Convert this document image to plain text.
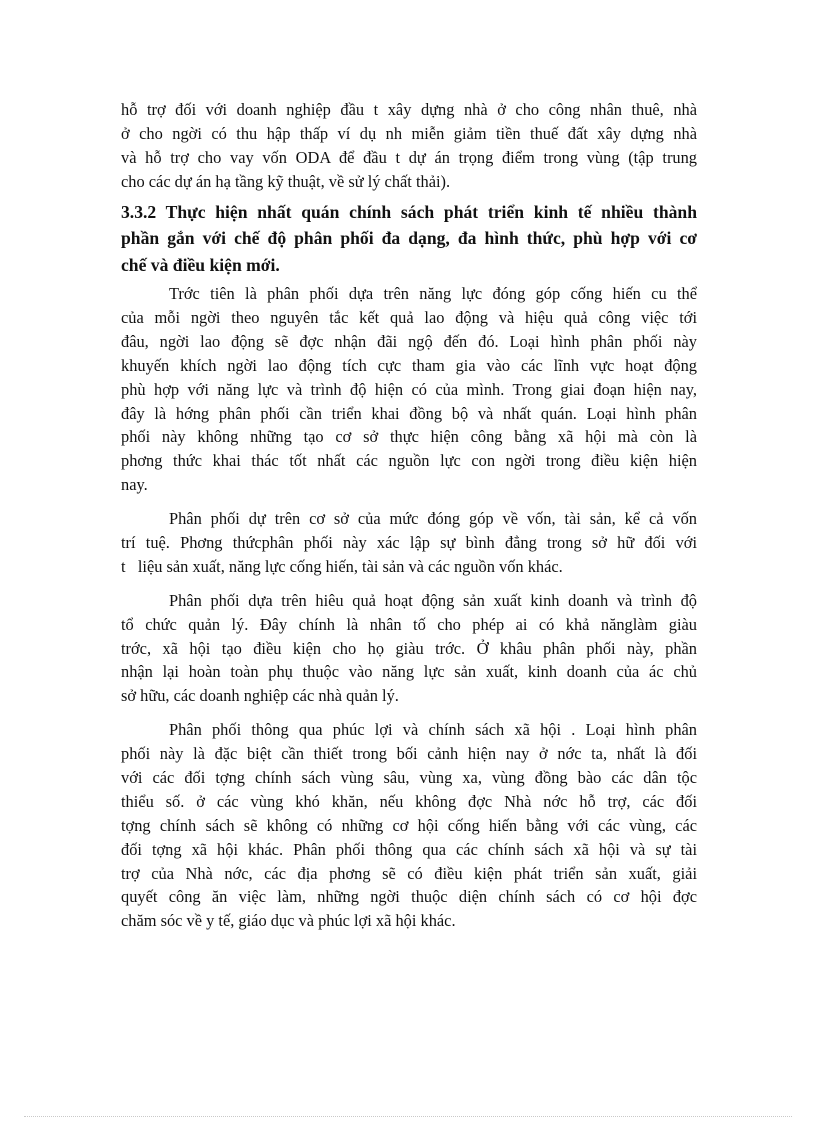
hỗ trợ đối với doanh nghiệp đầu t xây dựng nhà ở cho công nhân thuê, nhà
ở cho ngời có thu hập thấp ví dụ nh miễn giảm tiền thuế đất xây dựng nhà
và hỗ trợ cho vay vốn ODA để đầu t dự án trọng điểm trong vùng (tập trung
cho các dự án hạ tầng kỹ thuật, về sử lý chất thải).
3.3.2 Thực hiện nhất quán chính sách phát triển kinh tế nhiều thành
phần gắn với chế độ phân phối đa dạng, đa hình thức, phù hợp với cơ
chế và điều kiện mới.
Trớc tiên là phân phối dựa trên năng lực đóng góp cống hiến cu thể
của mỗi ngời theo nguyên tắc kết quả lao động và hiệu quả công việc tới
đâu, ngời lao động sẽ đợc nhận đãi ngộ đến đó. Loại hình phân phối này
khuyến khích ngời lao động tích cực tham gia vào các lĩnh vực hoạt động
phù hợp với năng lực và trình độ hiện có của mình. Trong giai đoạn hiện nay,
đây là hớng phân phối cần triển khai đồng bộ và nhất quán. Loại hình phân
phối này không những tạo cơ sở thực hiện công bằng xã hội mà còn là
phơng thức khai thác tốt nhất các nguồn lực con ngời trong điều kiện hiện
nay.
Phân phối dự trên cơ sở của mức đóng góp về vốn, tài sản, kể cả vốn
trí tuệ. Phơng thứcphân phối này xác lập sự bình đẳng trong sở hữ đối với
t   liệu sản xuất, năng lực cống hiến, tài sản và các nguồn vốn khác.
Phân phối dựa trên hiêu quả hoạt động sản xuất kinh doanh và trình độ
tổ chức quản lý. Đây chính là nhân tố cho phép ai có khả nănglàm giàu
trớc, xã hội tạo điều kiện cho họ giàu trớc. Ở khâu phân phối này, phần
nhận lại hoàn toàn phụ thuộc vào năng lực sản xuất, kinh doanh của ác chủ
sở hữu, các doanh nghiệp các nhà quản lý.
Phân phối thông qua phúc lợi và chính sách xã hội . Loại hình phân
phối này là đặc biệt cần thiết trong bối cảnh hiện nay ở nớc ta, nhất là đối
với các đối tợng chính sách vùng sâu, vùng xa, vùng đồng bào các dân tộc
thiểu số. ở các vùng khó khăn, nếu không đợc Nhà nớc hỗ trợ, các đối
tợng chính sách sẽ không có những cơ hội cống hiến bằng với các vùng, các
đối tợng xã hội khác. Phân phối thông qua các chính sách xã hội và sự tài
trợ của Nhà nớc, các địa phơng sẽ có điều kiện phát triển sản xuất, giải
quyết công ăn việc làm, những ngời thuộc diện chính sách có cơ hội đợc
chăm sóc về y tế, giáo dục và phúc lợi xã hội khác.
